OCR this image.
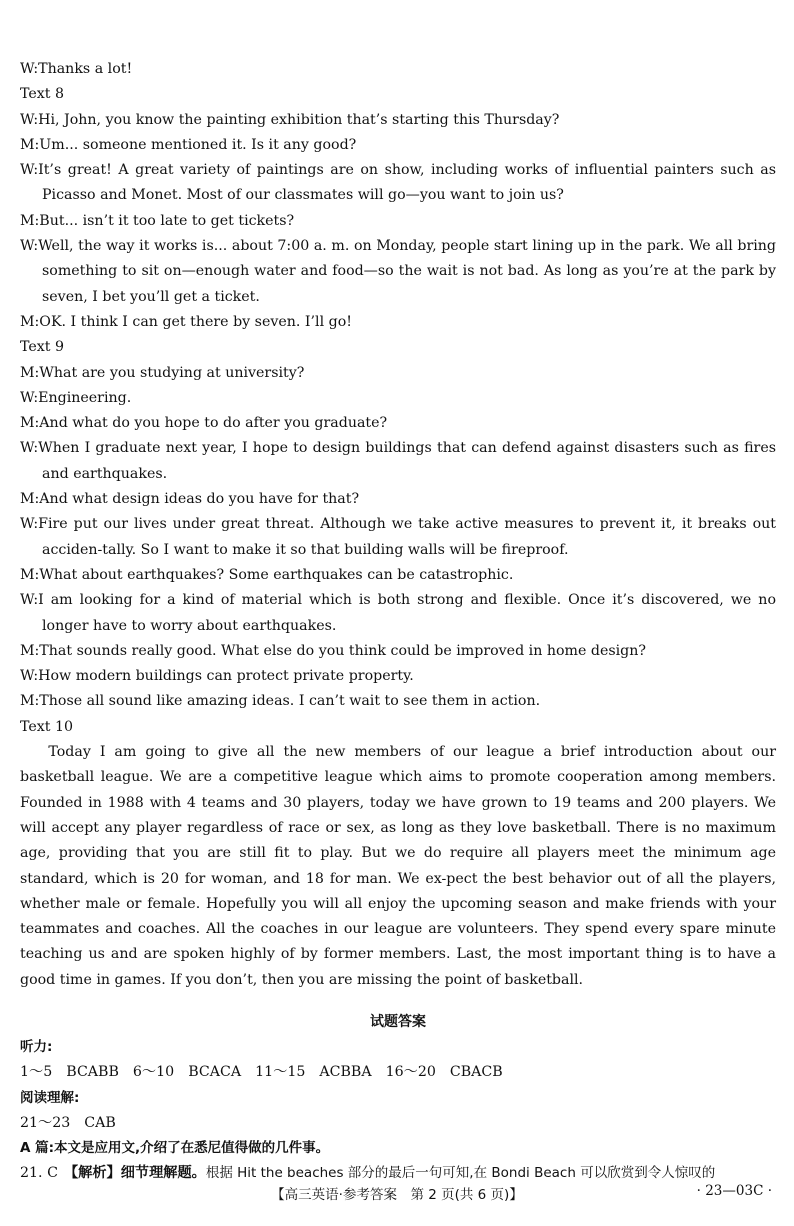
W:Thanks a lot!
Text 8
W:Hi, John, you know the painting exhibition that’s starting this Thursday?
M:Um... someone mentioned it. Is it any good?
W:It’s great! A great variety of paintings are on show, including works of influential painters such as Picasso and Monet. Most of our classmates will go—you want to join us?
M:But... isn’t it too late to get tickets?
W:Well, the way it works is... about 7:00 a. m. on Monday, people start lining up in the park. We all bring something to sit on—enough water and food—so the wait is not bad. As long as you’re at the park by seven, I bet you’ll get a ticket.
M:OK. I think I can get there by seven. I’ll go!
Text 9
M:What are you studying at university?
W:Engineering.
M:And what do you hope to do after you graduate?
W:When I graduate next year, I hope to design buildings that can defend against disasters such as fires and earthquakes.
M:And what design ideas do you have for that?
W:Fire put our lives under great threat. Although we take active measures to prevent it, it breaks out acciden-tally. So I want to make it so that building walls will be fireproof.
M:What about earthquakes? Some earthquakes can be catastrophic.
W:I am looking for a kind of material which is both strong and flexible. Once it’s discovered, we no longer have to worry about earthquakes.
M:That sounds really good. What else do you think could be improved in home design?
W:How modern buildings can protect private property.
M:Those all sound like amazing ideas. I can’t wait to see them in action.
Text 10
Today I am going to give all the new members of our league a brief introduction about our basketball league. We are a competitive league which aims to promote cooperation among members. Founded in 1988 with 4 teams and 30 players, today we have grown to 19 teams and 200 players. We will accept any player regardless of race or sex, as long as they love basketball. There is no maximum age, providing that you are still fit to play. But we do require all players meet the minimum age standard, which is 20 for woman, and 18 for man. We ex-pect the best behavior out of all the players, whether male or female. Hopefully you will all enjoy the upcoming season and make friends with your teammates and coaches. All the coaches in our league are volunteers. They spend every spare minute teaching us and are spoken highly of by former members. Last, the most important thing is to have a good time in games. If you don’t, then you are missing the point of basketball.
试题答案
听力:
1～5 BCABB 6～10 BCACA 11～15 ACBBA 16～20 CBACB
阅读理解:
21～23 CAB
A 篇:本文是应用文,介绍了在悉尼值得做的几件事。
21. C 【解析】细节理解题。根据 Hit the beaches 部分的最后一句可知,在 Bondi Beach 可以欣赏到令人惊叹的
【高三英语·参考答案　第 2 页(共 6 页)】	· 23—03C ·
